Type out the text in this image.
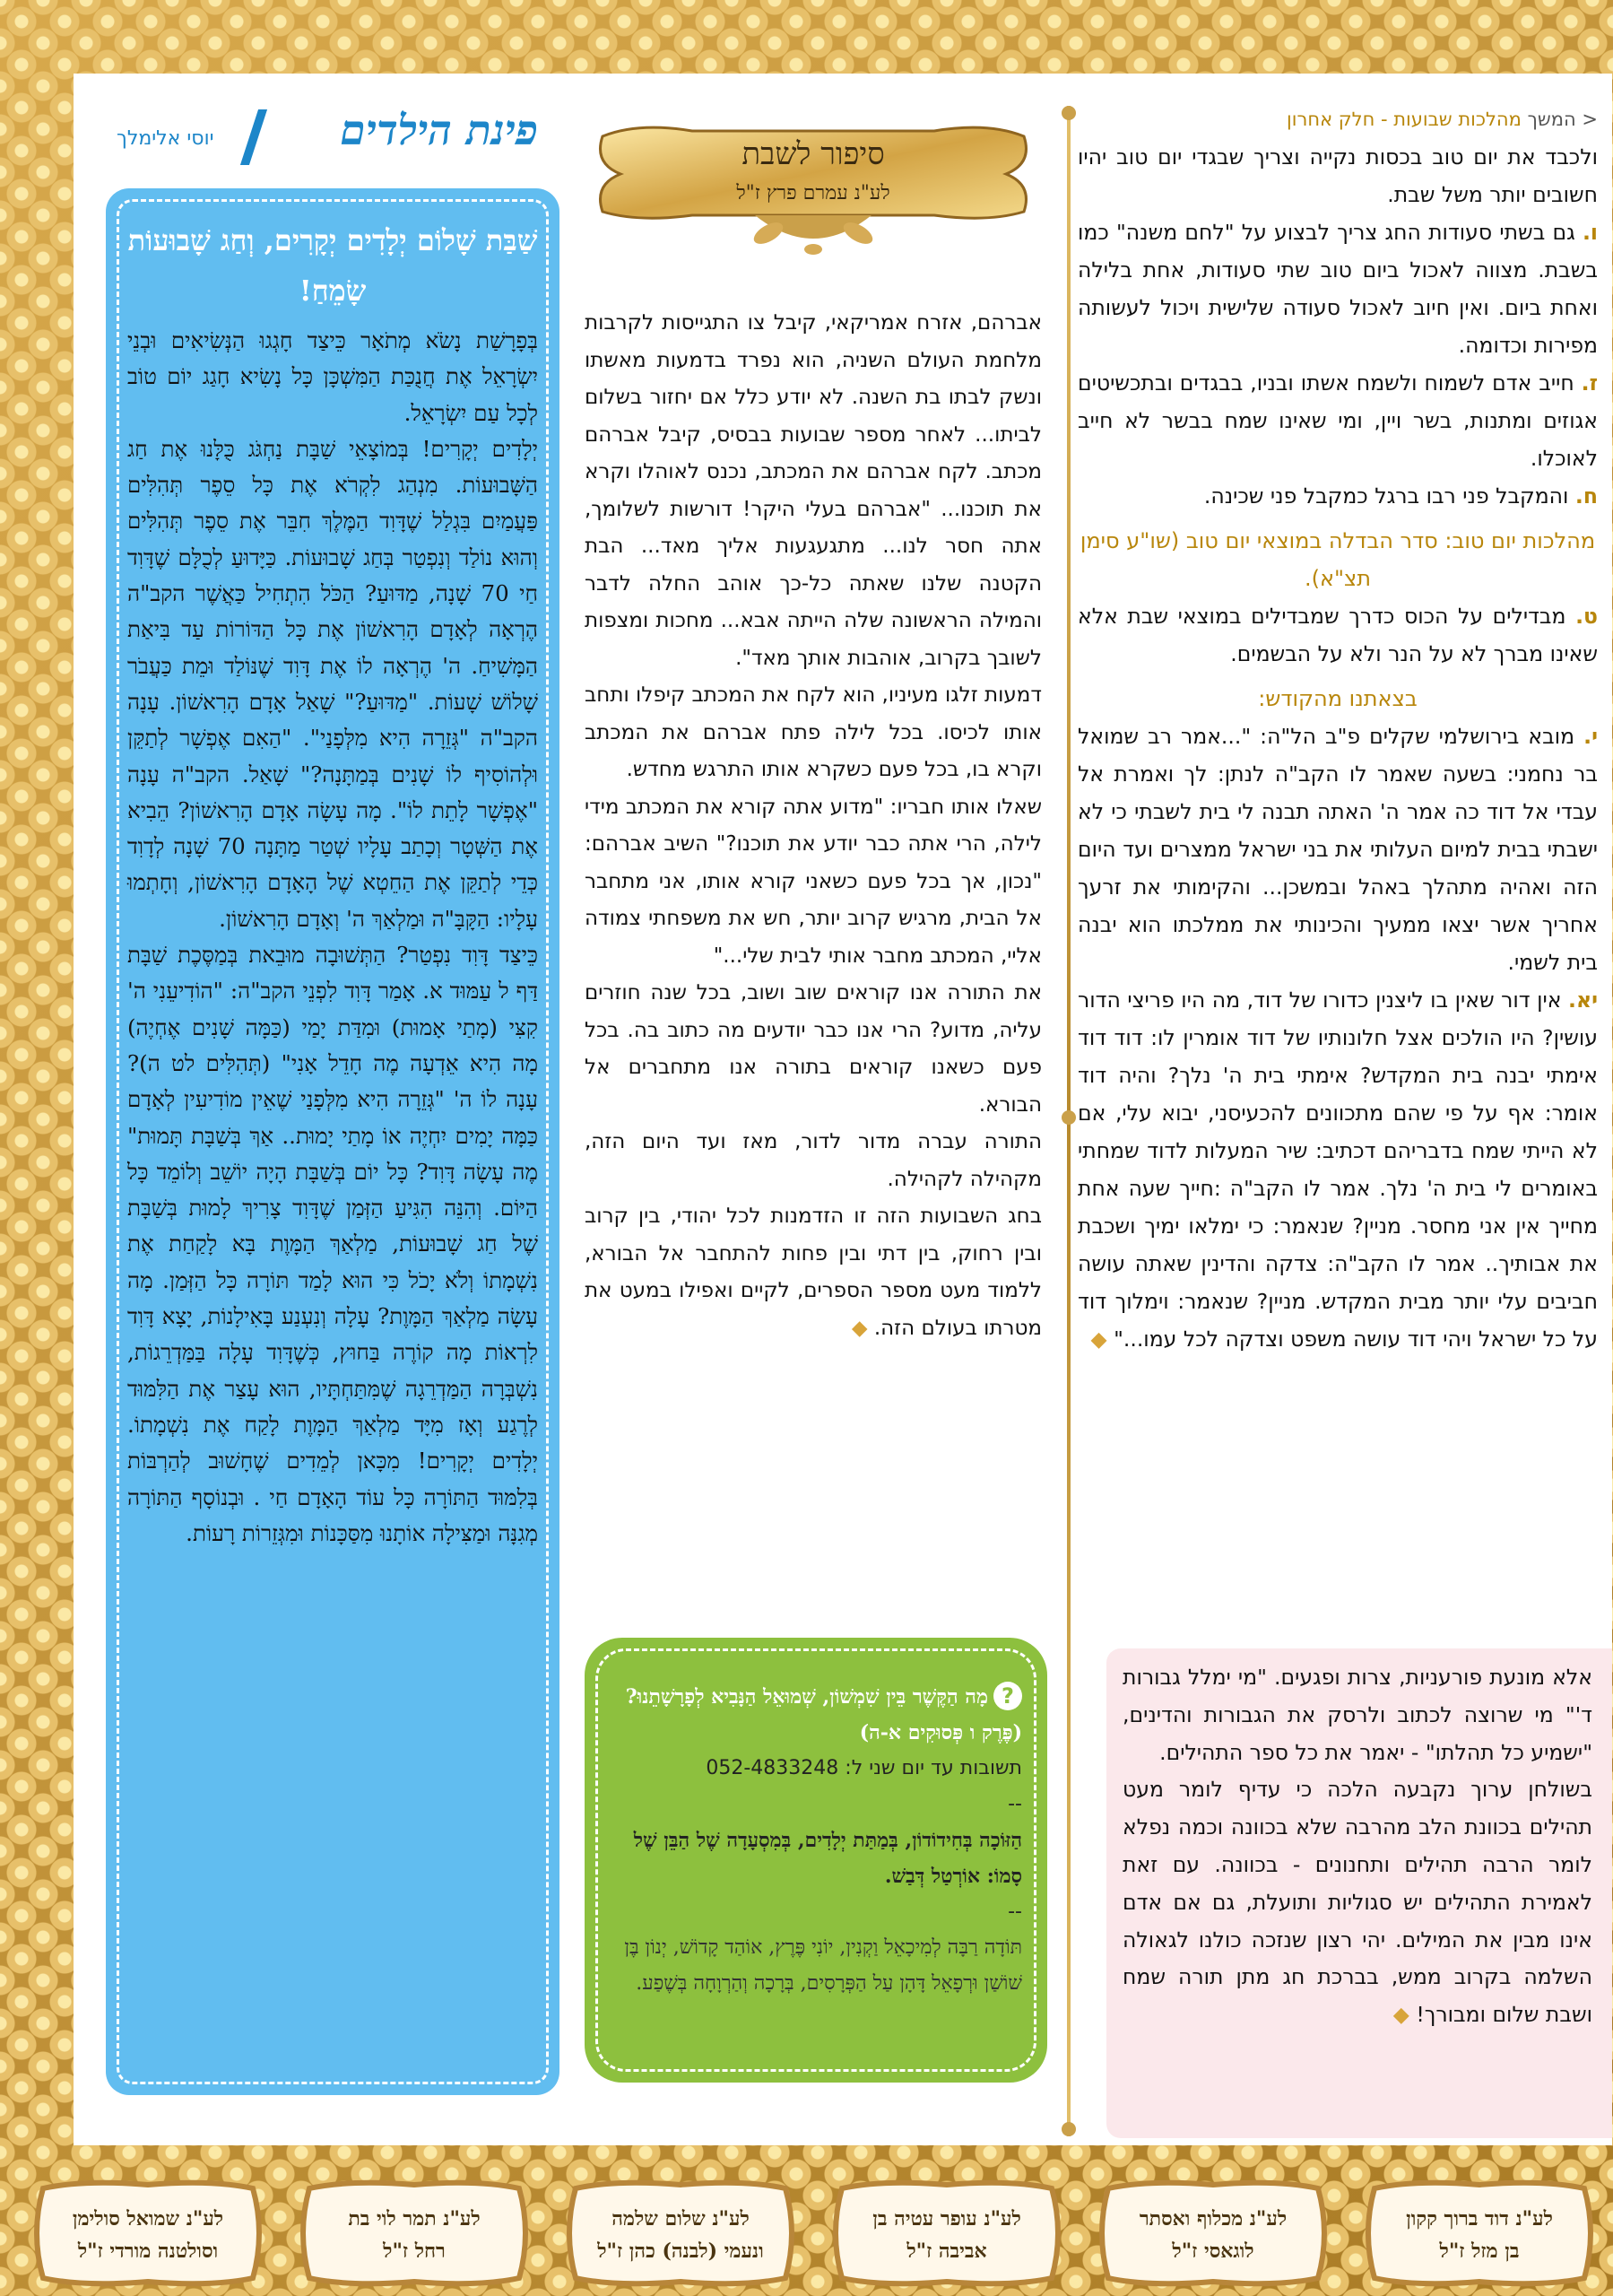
פינת הילדים
יוסי אלימלך
שַׁבַּת שָׁלוֹם יְלָדִים יְקָרִים, וְחַג שָׁבוּעוֹת שָׂמֵחַ!

בְּפָרָשַׁת נָשֹׂא מְתֹאָר כֵּיצַד חָגְגוּ הַנְּשִׂיאִים וּבְנֵי יִשְׂרָאֵל אֶת חֲנֻכַּת הַמִּשְׁכָּן כָּל נָשִׂיא חָגַג יוֹם טוֹב לְכָל עַם יִשְׂרָאֵל.

יְלָדִים יְקָרִים! בְּמוֹצָאֵי שַׁבָּת נַחְגֹּג כֻּלָּנוּ אֶת חַג הַשָּׁבוּעוֹת. מִנְהַג לִקְרֹא אֶת כָּל סֵפֶר תְּהִלִּים פַּעֲמַיִם בִּגְלַל שֶׁדָּוִד הַמֶּלֶךְ חִבֵּר אֶת סֵפֶר תְּהִלִּים וְהוּא נוֹלַד וְנִפְטַר בְּחַג שָׁבוּעוֹת. כַּיָּדוּעַ לְכֻלָּם שֶׁדָּוִד חַי 70 שָׁנָה, מַדּוּעַ? הַכֹּל הִתְחִיל כַּאֲשֶׁר הקב"ה הֶרְאָה לְאָדָם הָרִאשׁוֹן אֶת כָּל הַדּוֹרוֹת עַד בִּיאַת הַמָּשִׁיחַ. ה' הֶרְאָה לוֹ אֶת דָּוִד שֶׁנּוֹלַד וּמֵת כַּעֲבֹר שָׁלוֹשׁ שָׁעוֹת. "מַדּוּעַ?" שָׁאַל אָדָם הָרִאשׁוֹן. עָנָה הקב"ה "גְּזֵרָה הִיא מִלְּפָנַי". "הַאִם אֶפְשָׁר לְתַקֵּן וּלְהוֹסִיף לוֹ שָׁנִים בְּמַתָּנָה?" שָׁאַל. הקב"ה עָנָה "אֶפְשָׁר לָתֵת לוֹ". מָה עָשָׂה אָדָם הָרִאשׁוֹן? הֵבִיא אֶת הַשְּׁטָר וְכָתַב עָלָיו שְׁטַר מַתָּנָה 70 שָׁנָה לְדָוִד כְּדֵי לְתַקֵּן אֶת הַחֵטְא שֶׁל הָאָדָם הָרִאשׁוֹן, וְחָתְמוּ עָלָיו: הַקָּבָּ"ה וּמַלְאַךְ ה' וְאָדָם הָרִאשׁוֹן.

כֵּיצַד דָּוִד נִפְטַר? הַתְּשׁוּבָה מוּבֵאת בְּמַסֶּכֶת שַׁבָּת דַּף ל עַמּוּד א. אָמַר דָּוִד לִפְנֵי הקב"ה: "הוֹדִיעֵנִי ה' קִצִּי (מָתַי אָמוּת) וּמִדַּת יָמַי (כַּמָּה שָׁנִים אֶחְיֶה) מָה הִיא אֵדְעָה מֶה חָדֵל אָנִי" (תְּהִלִּים לט ה)? עָנָה לוֹ ה' "גְּזֵרָה הִיא מִלְּפָנַי שֶׁאֵין מוֹדִיעִין לְאָדָם כַּמָּה יָמִים יִחְיֶה אוֹ מָתַי יָמוּת.. אַךְ בְּשַׁבָּת תָּמוּת" מֶה עָשָׂה דָּוִד? כָּל יוֹם בְּשַׁבָּת הָיָה יוֹשֵׁב וְלוֹמֵד כָּל הַיּוֹם. וְהִנֵּה הִגִּיעַ הַזְּמַן שֶׁדָּוִד צָרִיךְ לָמוּת בְּשַׁבָּת שֶׁל חַג שָׁבוּעוֹת, מַלְאַךְ הַמָּוֶת בָּא לָקַחַת אֶת נִשְׁמָתוֹ וְלֹא יָכֹל כִּי הוּא לָמַד תּוֹרָה כָּל הַזְּמַן. מָה עָשָׂה מַלְאַךְ הַמָּוֶת? עָלָה וְנִעְנַע בָּאִילָנוֹת, יָצָא דָּוִד לִרְאוֹת מָה קוֹרֶה בַּחוּץ, כְּשֶׁדָּוִד עָלָה בַּמַּדְרֵגוֹת, נִשְׁבְּרָה הַמַּדְרֵגָה שֶׁמִּתַּחְתָּיו, הוּא עָצַר אֶת הַלִּמּוּד לְרֶגַע וְאָז מִיָּד מַלְאַךְ הַמָּוֶת לָקַח אֶת נִשְׁמָתוֹ. יְלָדִים יְקָרִים! מִכָּאן לְמֵדִים שֶׁחָשׁוּב לְהַרְבּוֹת בְּלִמּוּד הַתּוֹרָה כָּל עוֹד הָאָדָם חַי . וּבְנוֹסָף הַתּוֹרָה מְגִנָּה וּמַצִּילָה אוֹתָנוּ מִסַּכָּנוֹת וּמִגְּזֵרוֹת רָעוֹת.

סיפור לשבת
לע"נ עמרם פרץ ז"ל

אברהם, אזרח אמריקאי, קיבל צו התגייסות לקרבות מלחמת העולם השניה, הוא נפרד בדמעות מאשתו ונשק לבתו בת השנה. לא יודע כלל אם יחזור בשלום לביתו... לאחר מספר שבועות בבסיס, קיבל אברהם מכתב. לקח אברהם את המכתב, נכנס לאוהלו וקרא את תוכנו... "אברהם בעלי היקר! דורשות לשלומך, אתה חסר לנו... מתגעגעות אליך מאד... הבת הקטנה שלנו שאתה כל-כך אוהב החלה לדבר והמילה הראשונה שלה הייתה אבא... מחכות ומצפות לשובך בקרוב, אוהבות אותך מאד".

דמעות זלגו מעיניו, הוא לקח את המכתב קיפלו ותחב אותו לכיסו. בכל לילה פתח אברהם את המכתב וקרא בו, בכל פעם כשקרא אותו התרגש מחדש.

שאלו אותו חבריו: "מדוע אתה קורא את המכתב מידי לילה, הרי אתה כבר יודע את תוכנו?" השיב אברהם: "נכון, אך בכל פעם כשאני קורא אותו, אני מתחבר אל הבית, מרגיש קרוב יותר, חש את משפחתי צמודה אליי, המכתב מחבר אותי לבית שלי..."

את התורה אנו קוראים שוב ושוב, בכל שנה חוזרים עליה, מדוע? הרי אנו כבר יודעים מה כתוב בה. בכל פעם כשאנו קוראים בתורה אנו מתחברים אל הבורא.

התורה עברה מדור לדור, מאז ועד היום הזה, מקהילה לקהילה.

בחג השבועות הזה זו הזדמנות לכל יהודי, בין קרוב ובין רחוק, בין דתי ובין פחות להתחבר אל הבורא, ללמוד מעט מספר הספרים, לקיים ואפילו במעט את מטרתו בעולם הזה. ◆

?מָה הַקֶּשֶׁר בֵּין שִׁמְשׁוֹן, שְׁמוּאֵל הַנָּבִיא לְפָרָשָׁתֵנוּ? (פֶּרֶק ו פְּסוּקִים א-ה)

תשובות עד יום שני ל: 052-4833248

--

הַזּוֹכָה בְּחִידוֹדוֹן, בְּמַתַּת יְלָדִים, בְּמִסְעָדָה שֶׁל הַבֵּן שֶׁל סָמוֹ: אוֹרְטַל דְּבַשׁ.

--

תּוֹדָה רַבָּה לְמִיכָאֵל וַקְנִין, יוֹנִי פֶּרֶץ, אוֹהַד קָדוֹשׁ, יְנוֹן בֶּן שׁוֹשַׁן וּרְפָאֵל דָּהָן עַל הַפְּרָסִים, בְּרָכָה וְהַרְוָחָה בְּשֶׁפַע.

< המשך מהלכות שבועות - חלק אחרון

ולכבד את יום טוב בכסות נקייה וצריך שבגדי יום טוב יהיו חשובים יותר משל שבת.

ו. גם בשתי סעודות החג צריך לבצוע על "לחם משנה" כמו בשבת. מצווה לאכול ביום טוב שתי סעודות, אחת בלילה ואחת ביום. ואין חיוב לאכול סעודה שלישית ויכול לעשותה מפירות וכדומה.

ז. חייב אדם לשמוח ולשמח אשתו ובניו, בבגדים ובתכשיטים אגוזים ומתנות, בשר ויין, ומי שאינו שמח בבשר לא חייב לאוכלו.

ח. והמקבל פני רבו ברגל כמקבל פני שכינה.

מהלכות יום טוב: סדר הבדלה במוצאי יום טוב (שו"ע סימן תצ"א).

ט. מבדילים על הכוס כדרך שמבדילים במוצאי שבת אלא שאינו מברך לא על הנר ולא על הבשמים.

בצאתנו מהקודש:

י. מובא בירושלמי שקלים פ"ב הל"ה: "...אמר רב שמואל בר נחמני: בשעה שאמר לו הקב"ה לנתן: לך ואמרת אל עבדי אל דוד כה אמר ה' האתה תבנה לי בית לשבתי כי לא ישבתי בבית למיום העלותי את בני ישראל ממצרים ועד היום הזה ואהיה מתהלך באהל ובמשכן... והקימותי את זרעך אחריך אשר יצאו ממעיך והכינותי את ממלכתו הוא יבנה בית לשמי.

יא. אין דור שאין בו ליצנין כדורו של דוד, מה היו פריצי הדור עושין? היו הולכים אצל חלונותיו של דוד אומרין לו: דוד דוד אימתי יבנה בית המקדש? אימתי בית ה' נלך? והיה דוד אומר: אף על פי שהם מתכוונים להכעיסני, יבוא עלי, אם לא הייתי שמח בדבריהם דכתיב: שיר המעלות לדוד שמחתי באומרים לי בית ה' נלך. אמר לו הקב"ה :חייך שעה אחת מחייך אין אני מחסר. מניין? שנאמר: כי ימלאו ימיך ושכבת את אבותיך.. אמר לו הקב"ה: צדקה והדינין שאתה עושה חביבים עלי יותר מבית המקדש. מניין? שנאמר: וימלוך דוד על כל ישראל ויהי דוד עושה משפט וצדקה לכל עמו..." ◆

אלא מונעת פורעניות, צרות ופגעים. "מי ימלל גבורות ד'" מי שרוצה לכתוב ולרסק את הגבורות והדינים, "ישמיע כל תהלתו" - יאמר את כל ספר התהילים.

בשולחן ערוך נקבעה הלכה כי עדיף לומר מעט תהילים בכוונת הלב מהרבה שלא בכוונה וכמה נפלא לומר הרבה תהילים ותחנונים - בכוונה. עם זאת לאמירת התהילים יש סגוליות ותועלת, גם אם אדם אינו מבין את המילים. יהי רצון שנזכה כולנו לגאולה השלמה בקרוב ממש, בברכת חג מתן תורה שמח ושבת שלום ומבורך! ◆

לע"נ דוד ברוך קקון
בן מזל ז"ל
לע"נ מכלוף ואסתר
לוגאסי ז"ל
לע"נ עופר עטיה בן
אביבה ז"ל
לע"נ שלום שלמה
ונעמי (לבנה) כהן ז"ל
לע"נ תמר לוי בת
רחל ז"ל
לע"נ שמואל סולימן
וסולטנה מורדי ז"ל
